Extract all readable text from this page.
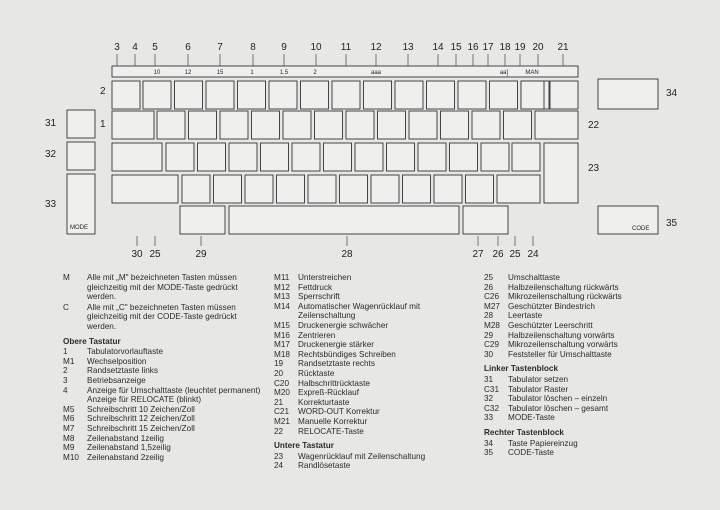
10	12	15	1	1.5	2	aaa	aa]	MAN
MODE	CODE
3 4 5	6	7	8	9 10 11 12 13 14 15 16 17 18 19 20 21
30 25	29	28	27 26 25 24
31
32
33
2
1
34
22
23
35
M	Alle mit „M" bezeichneten Tasten müssen gleichzeitig mit der MODE-Taste gedrückt werden.
C	Alle mit „C" bezeichneten Tasten müssen gleichzeitig mit der CODE-Taste gedrückt werden.
Obere Tastatur
1	Tabulatorvorlauftaste
M1	Wechselposition
2	Randsetztaste links
3	Betriebsanzeige
4	Anzeige für Umschalttaste (leuchtet permanent)
Anzeige für RELOCATE (blinkt)
M5	Schreibschritt 10 Zeichen/Zoll
M6	Schreibschritt 12 Zeichen/Zoll
M7	Schreibschritt 15 Zeichen/Zoll
M8	Zeilenabstand 1zeilig
M9	Zeilenabstand 1,5zeilig
M10 Zeilenabstand 2zeilig
M11	Unterstreichen
M12 Fettdruck
M13 Sperrschrift
M14 Automatischer Wagenrücklauf mit Zeilenschaltung
M15 Druckenergie schwächer
M16 Zentrieren
M17 Druckenergie stärker
M18 Rechtsbündiges Schreiben
19	Randsetztaste rechts
20	Rücktaste
C20	Halbschrittrücktaste
M20 Expreß-Rücklauf
21	Korrekturtaste
C21	WORD-OUT Korrektur
M21 Manuelle Korrektur
22	RELOCATE-Taste
Untere Tastatur
23	Wagenrücklauf mit Zeilenschaltung
24	Randlösetaste
25	Umschalttaste
26	Halbzeilenschaltung rückwärts
C26	Mikrozeilenschaltung rückwärts
M27 Geschützter Bindestrich
28	Leertaste
M28 Geschützter Leerschritt
29	Halbzeilenschaltung vorwärts
C29	Mikrozeilenschaltung vorwärts
30	Feststeller für Umschalttaste
Linker Tastenblock
31	Tabulator setzen
C31	Tabulator Raster
32	Tabulator löschen – einzeln
C32	Tabulator löschen – gesamt
33	MODE-Taste
Rechter Tastenblock
34	Taste Papiereinzug
35	CODE-Taste
